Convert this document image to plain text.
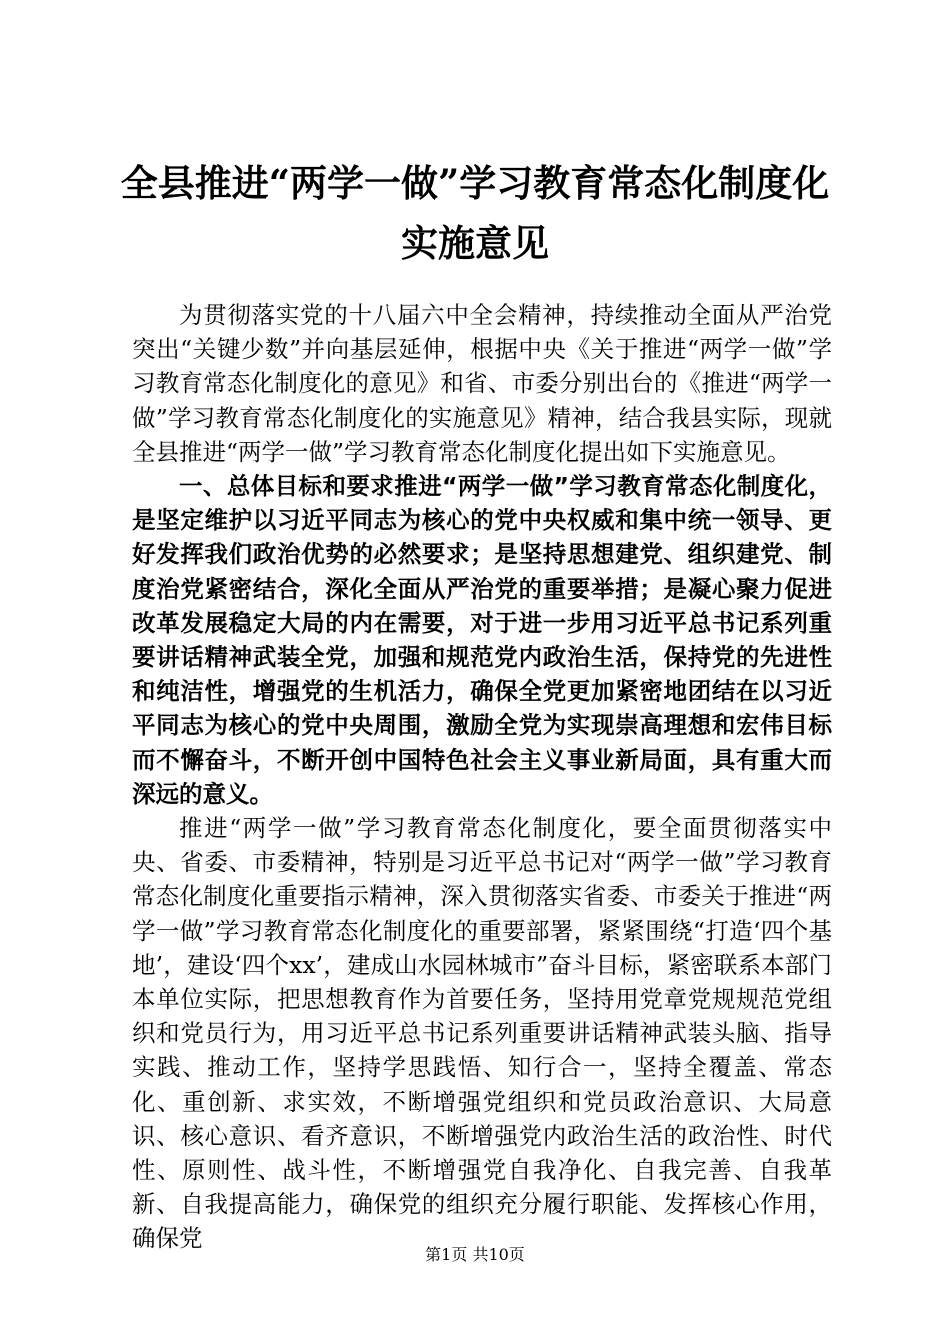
全县推进“两学一做”学习教育常态化制度化
实施意见

为贯彻落实党的十八届六中全会精神，持续推动全面从严治党突出“关键少数”并向基层延伸，根据中央《关于推进“两学一做”学习教育常态化制度化的意见》和省、市委分别出台的《推进“两学一做”学习教育常态化制度化的实施意见》精神，结合我县实际，现就全县推进“两学一做”学习教育常态化制度化提出如下实施意见。

一、总体目标和要求推进“两学一做”学习教育常态化制度化，是坚定维护以习近平同志为核心的党中央权威和集中统一领导、更好发挥我们政治优势的必然要求；是坚持思想建党、组织建党、制度治党紧密结合，深化全面从严治党的重要举措；是凝心聚力促进改革发展稳定大局的内在需要，对于进一步用习近平总书记系列重要讲话精神武装全党，加强和规范党内政治生活，保持党的先进性和纯洁性，增强党的生机活力，确保全党更加紧密地团结在以习近平同志为核心的党中央周围，激励全党为实现崇高理想和宏伟目标而不懈奋斗，不断开创中国特色社会主义事业新局面，具有重大而深远的意义。

推进“两学一做”学习教育常态化制度化，要全面贯彻落实中央、省委、市委精神，特别是习近平总书记对“两学一做”学习教育常态化制度化重要指示精神，深入贯彻落实省委、市委关于推进“两学一做”学习教育常态化制度化的重要部署，紧紧围绕“打造‘四个基地’，建设‘四个xx’，建成山水园林城市”奋斗目标，紧密联系本部门本单位实际，把思想教育作为首要任务，坚持用党章党规规范党组织和党员行为，用习近平总书记系列重要讲话精神武装头脑、指导实践、推动工作，坚持学思践悟、知行合一，坚持全覆盖、常态化、重创新、求实效，不断增强党组织和党员政治意识、大局意识、核心意识、看齐意识，不断增强党内政治生活的政治性、时代性、原则性、战斗性，不断增强党自我净化、自我完善、自我革新、自我提高能力，确保党的组织充分履行职能、发挥核心作用，确保党

第1页 共10页
